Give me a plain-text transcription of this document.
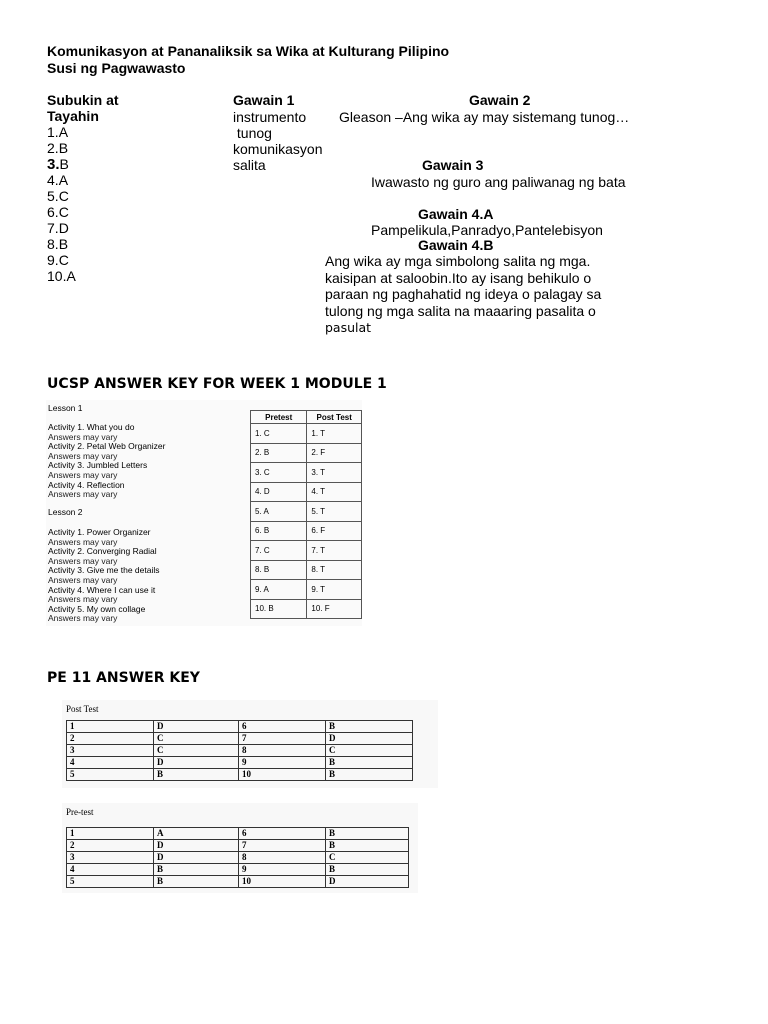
Komunikasyon at Pananaliksik sa Wika at Kulturang Pilipino
Susi ng Pagwawasto
Subukin at
Tayahin
1.A
2.B
3.B
4.A
5.C
6.C
7.D
8.B
9.C
10.A
Gawain 1
instrumento
tunog
komunikasyon
salita
Gawain 2
Gleason –Ang wika ay may sistemang tunog…
Gawain 3
Iwawasto ng guro ang paliwanag ng bata
Gawain 4.A
Pampelikula,Panradyo,Pantelebisyon
Gawain 4.B
Ang wika ay mga simbolong salita ng mga.
kaisipan at saloobin.Ito ay isang behikulo o
paraan ng paghahatid ng ideya o palagay sa
tulong ng mga salita na maaaring pasalita o
pasulat
UCSP ANSWER KEY FOR WEEK 1 MODULE 1
Lesson 1
Activity 1. What you do
Answers may vary
Activity 2. Petal Web Organizer
Answers may vary
Activity 3. Jumbled Letters
Answers may vary
Activity 4. Reflection
Answers may vary
Lesson 2
Activity 1. Power Organizer
Answers may vary
Activity 2. Converging Radial
Answers may vary
Activity 3. Give me the details
Answers may vary
Activity 4. Where I can use it
Answers may vary
Activity 5. My own collage
Answers may vary
Pretest	Post Test
1. C	1. T
2. B	2. F
3. C	3. T
4. D	4. T
5. A	5. T
6. B	6. F
7. C	7. T
8. B	8. T
9. A	9. T
10. B	10. F
PE 11 ANSWER KEY
Post Test
1	D	6	B
2	C	7	D
3	C	8	C
4	D	9	B
5	B	10	B
Pre-test
1	A	6	B
2	D	7	B
3	D	8	C
4	B	9	B
5	B	10	D
